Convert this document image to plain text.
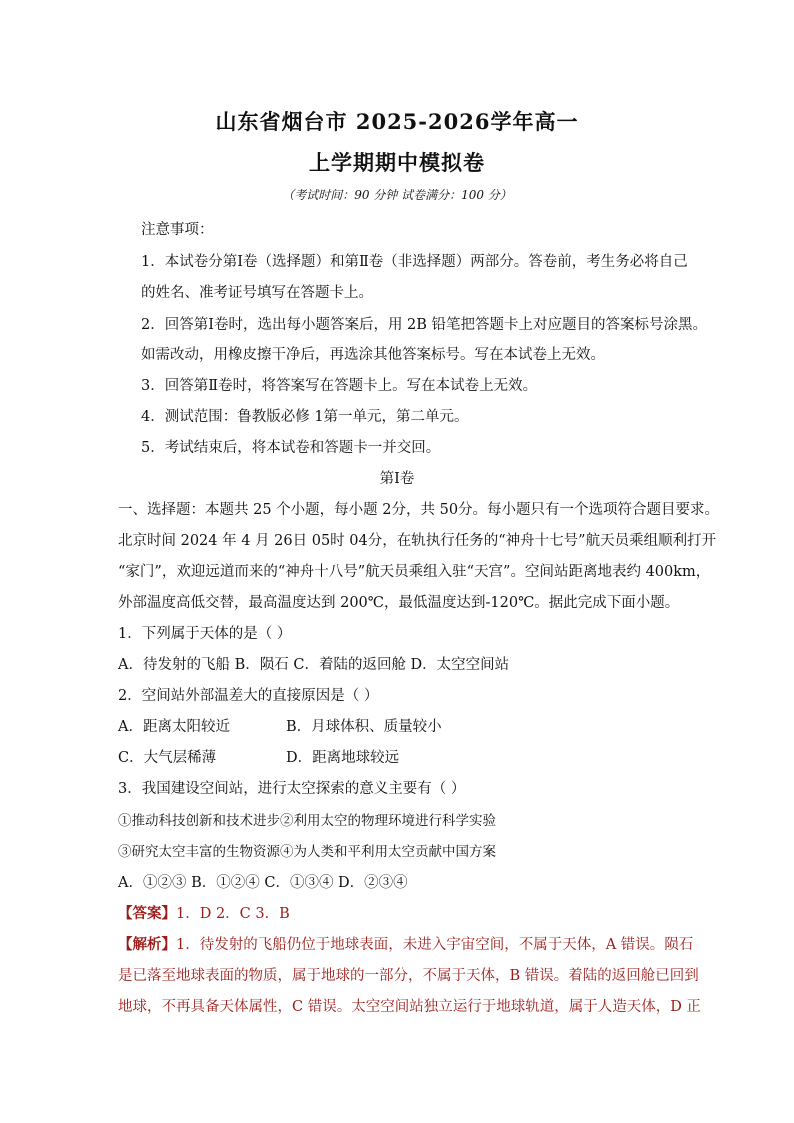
山东省烟台市 2025-2026学年高一
上学期期中模拟卷
（考试时间：90 分钟 试卷满分：100 分）
注意事项：
1．本试卷分第Ⅰ卷（选择题）和第Ⅱ卷（非选择题）两部分。答卷前，考生务必将自己
的姓名、准考证号填写在答题卡上。
2．回答第Ⅰ卷时，选出每小题答案后，用 2B 铅笔把答题卡上对应题目的答案标号涂黑。
如需改动，用橡皮擦干净后，再选涂其他答案标号。写在本试卷上无效。
3．回答第Ⅱ卷时，将答案写在答题卡上。写在本试卷上无效。
4．测试范围：鲁教版必修 1第一单元，第二单元。
5．考试结束后，将本试卷和答题卡一并交回。
第Ⅰ卷
一、选择题：本题共 25 个小题，每小题 2分，共 50分。每小题只有一个选项符合题目要求。
北京时间 2024 年 4 月 26日 05时 04分，在轨执行任务的“神舟十七号”航天员乘组顺利打开
“家门”，欢迎远道而来的“神舟十八号”航天员乘组入驻“天宫”。空间站距离地表约 400km，
外部温度高低交替，最高温度达到 200℃，最低温度达到-120℃。据此完成下面小题。
1．下列属于天体的是（ ）
A．待发射的飞船 B．陨石 C．着陆的返回舱 D．太空空间站
2．空间站外部温差大的直接原因是（ ）
A．距离太阳较近	B．月球体积、质量较小
C．大气层稀薄	D．距离地球较远
3．我国建设空间站，进行太空探索的意义主要有（ ）
①推动科技创新和技术进步②利用太空的物理环境进行科学实验
③研究太空丰富的生物资源④为人类和平利用太空贡献中国方案
A．①②③ B．①②④ C．①③④ D．②③④
【答案】1．D 2．C 3．B
【解析】1．待发射的飞船仍位于地球表面，未进入宇宙空间，不属于天体，A 错误。陨石
是已落至地球表面的物质，属于地球的一部分，不属于天体，B 错误。着陆的返回舱已回到
地球，不再具备天体属性，C 错误。太空空间站独立运行于地球轨道，属于人造天体，D 正
